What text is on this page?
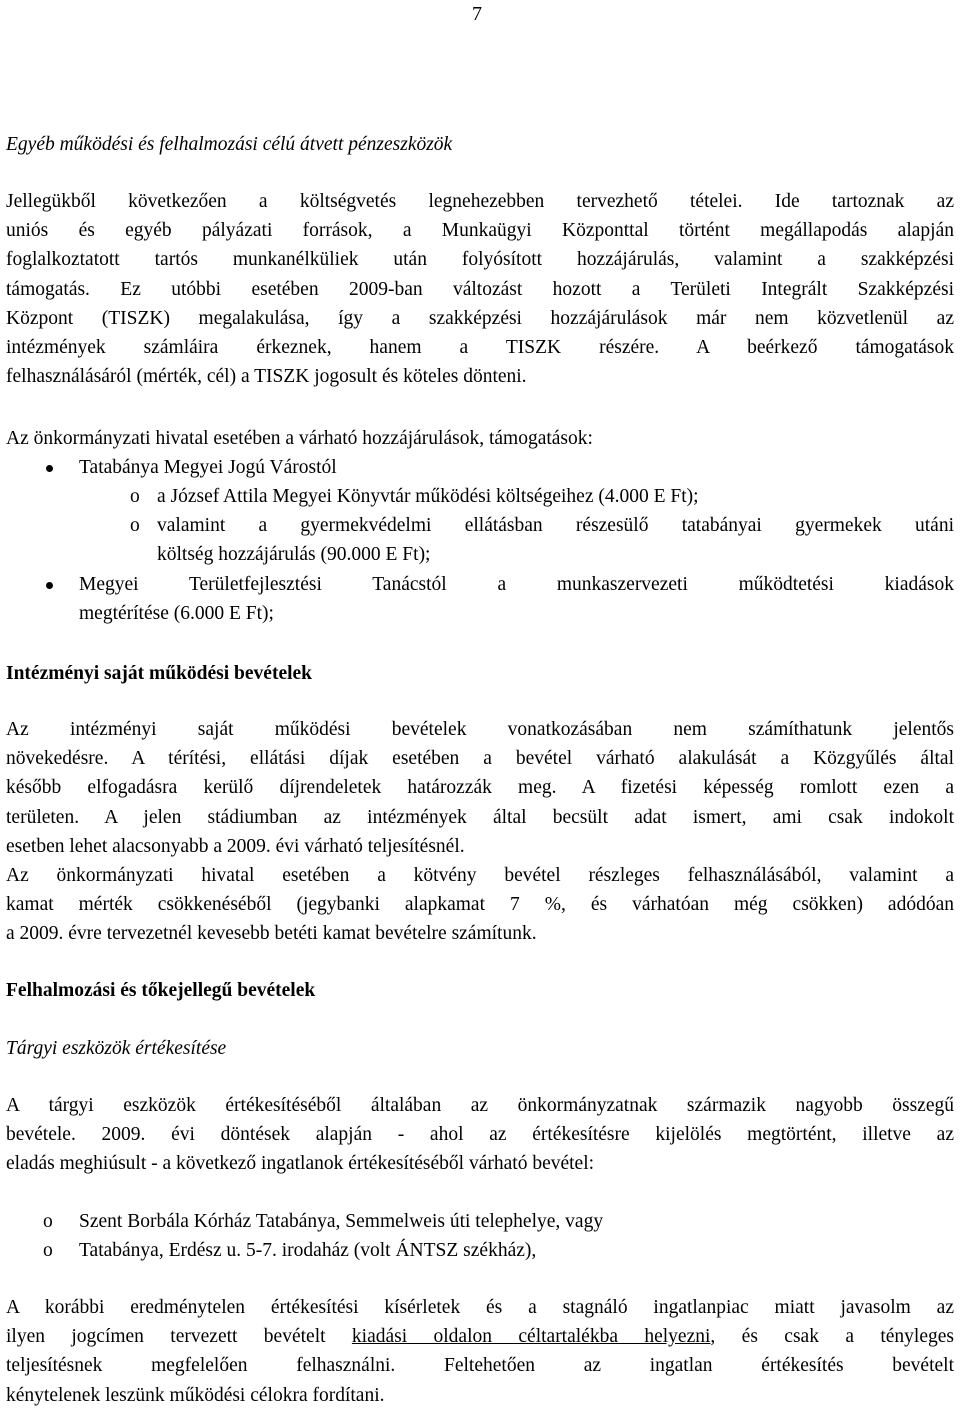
7
Egyéb működési és felhalmozási célú átvett pénzeszközök
Jellegükből következően a költségvetés legnehezebben tervezhető tételei. Ide tartoznak az
uniós és egyéb pályázati források, a Munkaügyi Központtal történt megállapodás alapján
foglalkoztatott tartós munkanélküliek után folyósított hozzájárulás, valamint a szakképzési
támogatás. Ez utóbbi esetében 2009-ban változást hozott a Területi Integrált Szakképzési
Központ (TISZK) megalakulása, így a szakképzési hozzájárulások már nem közvetlenül az
intézmények számláira érkeznek, hanem a TISZK részére. A beérkező támogatások
felhasználásáról (mérték, cél) a TISZK jogosult és köteles dönteni.
Az önkormányzati hivatal esetében a várható hozzájárulások, támogatások:
Tatabánya Megyei Jogú Várostól
o a József Attila Megyei Könyvtár működési költségeihez (4.000 E Ft);
o valamint a gyermekvédelmi ellátásban részesülő tatabányai gyermekek utáni
költség hozzájárulás (90.000 E Ft);
Megyei Területfejlesztési Tanácstól a munkaszervezeti működtetési kiadások
megtérítése (6.000 E Ft);
Intézményi saját működési bevételek
Az intézményi saját működési bevételek vonatkozásában nem számíthatunk jelentős
növekedésre. A térítési, ellátási díjak esetében a bevétel várható alakulását a Közgyűlés által
később elfogadásra kerülő díjrendeletek határozzák meg. A fizetési képesség romlott ezen a
területen. A jelen stádiumban az intézmények által becsült adat ismert, ami csak indokolt
esetben lehet alacsonyabb a 2009. évi várható teljesítésnél.
Az önkormányzati hivatal esetében a kötvény bevétel részleges felhasználásából, valamint a
kamat mérték csökkenéséből (jegybanki alapkamat 7 %, és várhatóan még csökken) adódóan
a 2009. évre tervezetnél kevesebb betéti kamat bevételre számítunk.
Felhalmozási és tőkejellegű bevételek
Tárgyi eszközök értékesítése
A tárgyi eszközök értékesítéséből általában az önkormányzatnak származik nagyobb összegű
bevétele. 2009. évi döntések alapján - ahol az értékesítésre kijelölés megtörtént, illetve az
eladás meghiúsult - a következő ingatlanok értékesítéséből várható bevétel:
o Szent Borbála Kórház Tatabánya, Semmelweis úti telephelye, vagy
o Tatabánya, Erdész u. 5-7. irodaház (volt ÁNTSZ székház),
A korábbi eredménytelen értékesítési kísérletek és a stagnáló ingatlanpiac miatt javasolm az
ilyen jogcímen tervezett bevételt kiadási oldalon céltartalékba helyezni, és csak a tényleges
teljesítésnek megfelelően felhasználni. Feltehetően az ingatlan értékesítés bevételt
kénytelenek leszünk működési célokra fordítani.
